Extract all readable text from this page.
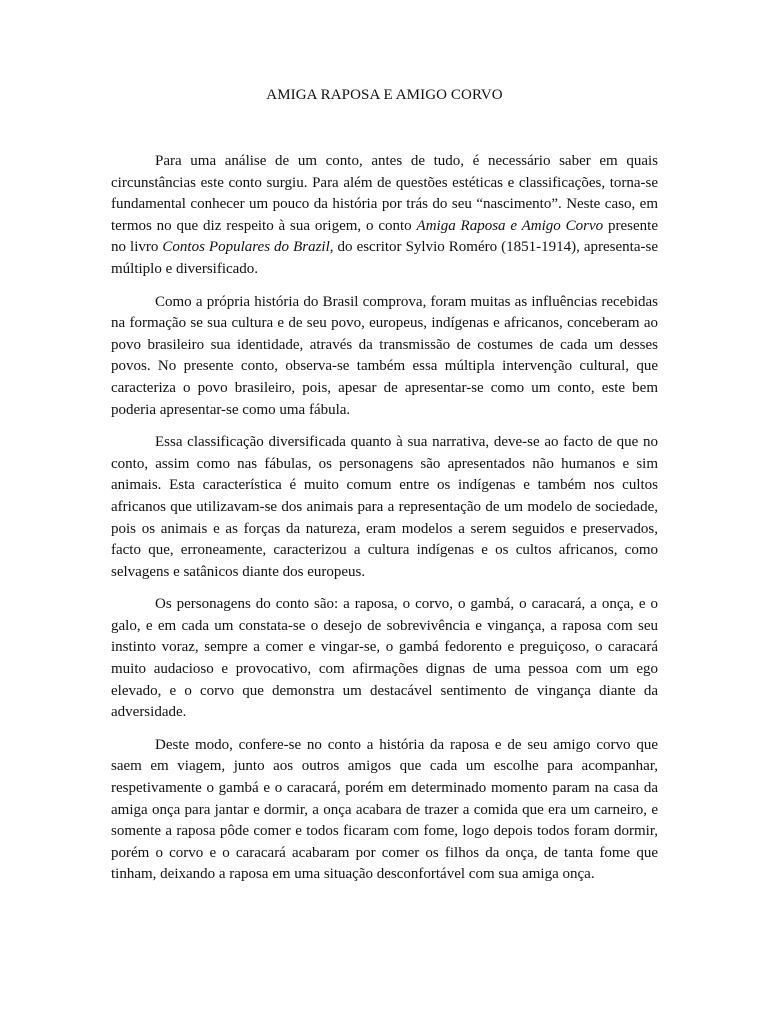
AMIGA RAPOSA E AMIGO CORVO

Para uma análise de um conto, antes de tudo, é necessário saber em quais circunstâncias este conto surgiu. Para além de questões estéticas e classificações, torna-se fundamental conhecer um pouco da história por trás do seu “nascimento”. Neste caso, em termos no que diz respeito à sua origem, o conto Amiga Raposa e Amigo Corvo presente no livro Contos Populares do Brazil, do escritor Sylvio Roméro (1851-1914), apresenta-se múltiplo e diversificado.

Como a própria história do Brasil comprova, foram muitas as influências recebidas na formação se sua cultura e de seu povo, europeus, indígenas e africanos, conceberam ao povo brasileiro sua identidade, através da transmissão de costumes de cada um desses povos. No presente conto, observa-se também essa múltipla intervenção cultural, que caracteriza o povo brasileiro, pois, apesar de apresentar-se como um conto, este bem poderia apresentar-se como uma fábula.

Essa classificação diversificada quanto à sua narrativa, deve-se ao facto de que no conto, assim como nas fábulas, os personagens são apresentados não humanos e sim animais. Esta característica é muito comum entre os indígenas e também nos cultos africanos que utilizavam-se dos animais para a representação de um modelo de sociedade, pois os animais e as forças da natureza, eram modelos a serem seguidos e preservados, facto que, erroneamente, caracterizou a cultura indígenas e os cultos africanos, como selvagens e satânicos diante dos europeus.

Os personagens do conto são: a raposa, o corvo, o gambá, o caracará, a onça, e o galo, e em cada um constata-se o desejo de sobrevivência e vingança, a raposa com seu instinto voraz, sempre a comer e vingar-se, o gambá fedorento e preguiçoso, o caracará muito audacioso e provocativo, com afirmações dignas de uma pessoa com um ego elevado, e o corvo que demonstra um destacável sentimento de vingança diante da adversidade.

Deste modo, confere-se no conto a história da raposa e de seu amigo corvo que saem em viagem, junto aos outros amigos que cada um escolhe para acompanhar, respetivamente o gambá e o caracará, porém em determinado momento param na casa da amiga onça para jantar e dormir, a onça acabara de trazer a comida que era um carneiro, e somente a raposa pôde comer e todos ficaram com fome, logo depois todos foram dormir, porém o corvo e o caracará acabaram por comer os filhos da onça, de tanta fome que tinham, deixando a raposa em uma situação desconfortável com sua amiga onça.
